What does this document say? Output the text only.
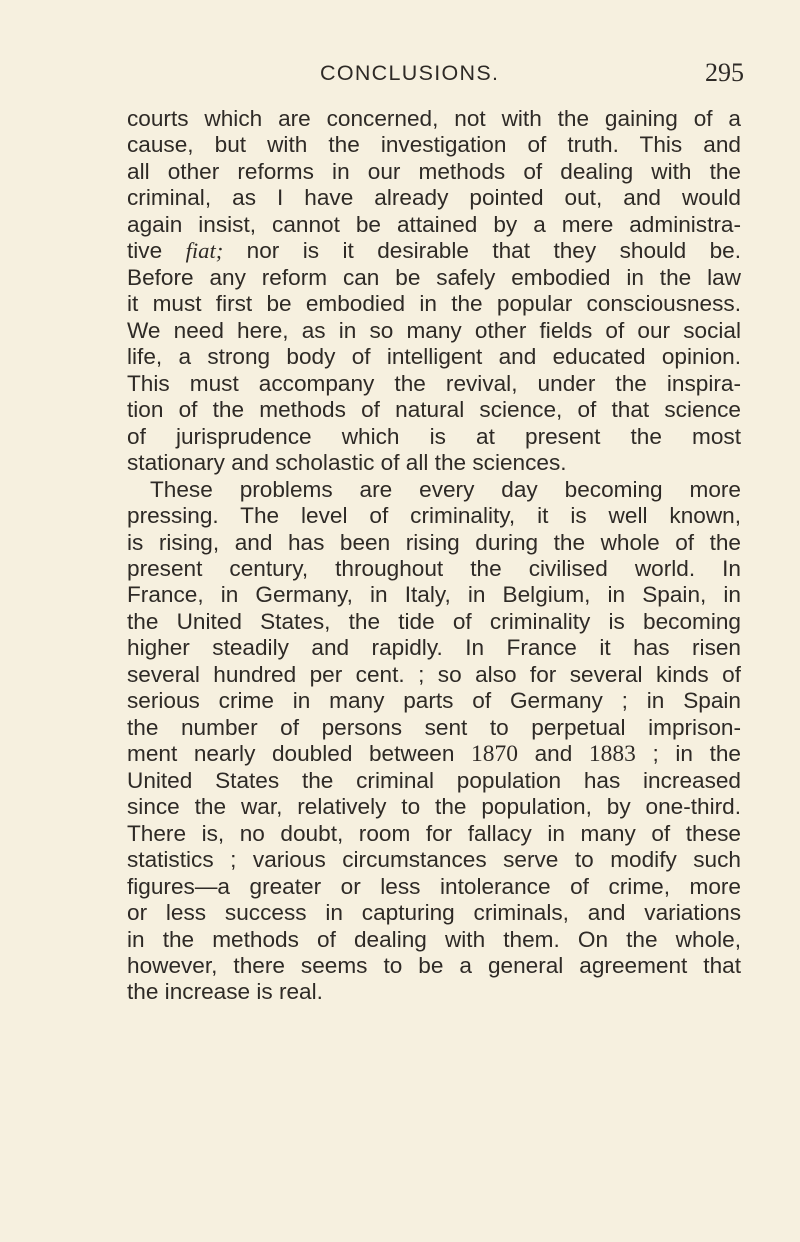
CONCLUSIONS.	295
courts which are concerned, not with the gaining of a
cause, but with the investigation of truth. This and
all other reforms in our methods of dealing with the
criminal, as I have already pointed out, and would
again insist, cannot be attained by a mere administra-
tive fiat; nor is it desirable that they should be.
Before any reform can be safely embodied in the law
it must first be embodied in the popular consciousness.
We need here, as in so many other fields of our social
life, a strong body of intelligent and educated opinion.
This must accompany the revival, under the inspira-
tion of the methods of natural science, of that science
of jurisprudence which is at present the most
stationary and scholastic of all the sciences.
These problems are every day becoming more
pressing. The level of criminality, it is well known,
is rising, and has been rising during the whole of the
present century, throughout the civilised world. In
France, in Germany, in Italy, in Belgium, in Spain, in
the United States, the tide of criminality is becoming
higher steadily and rapidly. In France it has risen
several hundred per cent. ; so also for several kinds of
serious crime in many parts of Germany ; in Spain
the number of persons sent to perpetual imprison-
ment nearly doubled between 1870 and 1883 ; in the
United States the criminal population has increased
since the war, relatively to the population, by one-third.
There is, no doubt, room for fallacy in many of these
statistics ; various circumstances serve to modify such
figures—a greater or less intolerance of crime, more
or less success in capturing criminals, and variations
in the methods of dealing with them. On the whole,
however, there seems to be a general agreement that
the increase is real.
